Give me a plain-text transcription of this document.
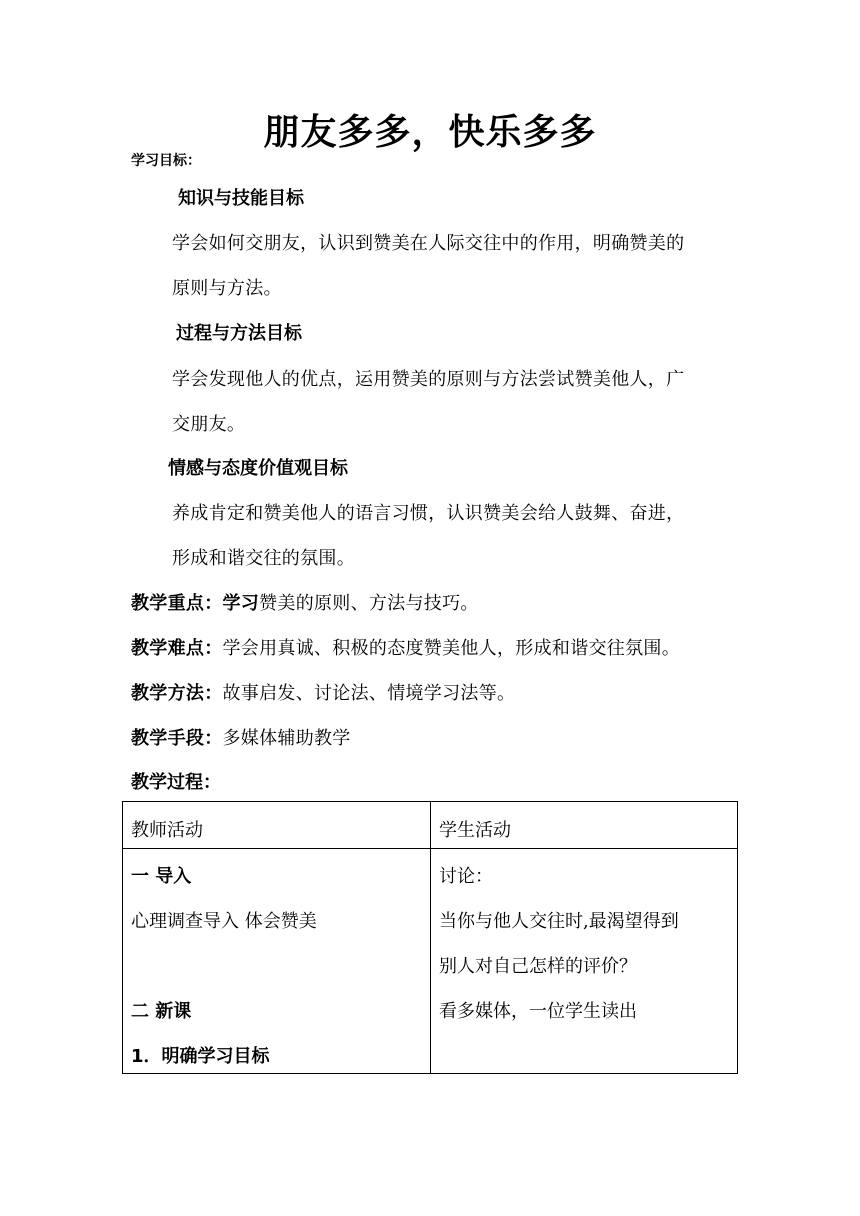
朋友多多，快乐多多
学习目标：
知识与技能目标
学会如何交朋友，认识到赞美在人际交往中的作用，明确赞美的
原则与方法。
过程与方法目标
学会发现他人的优点，运用赞美的原则与方法尝试赞美他人，广
交朋友。
情感与态度价值观目标
养成肯定和赞美他人的语言习惯，认识赞美会给人鼓舞、奋进，
形成和谐交往的氛围。
教学重点：学习赞美的原则、方法与技巧。
教学难点：学会用真诚、积极的态度赞美他人，形成和谐交往氛围。
教学方法：故事启发、讨论法、情境学习法等。
教学手段：多媒体辅助教学
教学过程：
教师活动	学生活动
一 导入
心理调查导入 体会赞美
二 新课
1．明确学习目标
讨论：
当你与他人交往时,最渴望得到
别人对自己怎样的评价？
看多媒体，一位学生读出
